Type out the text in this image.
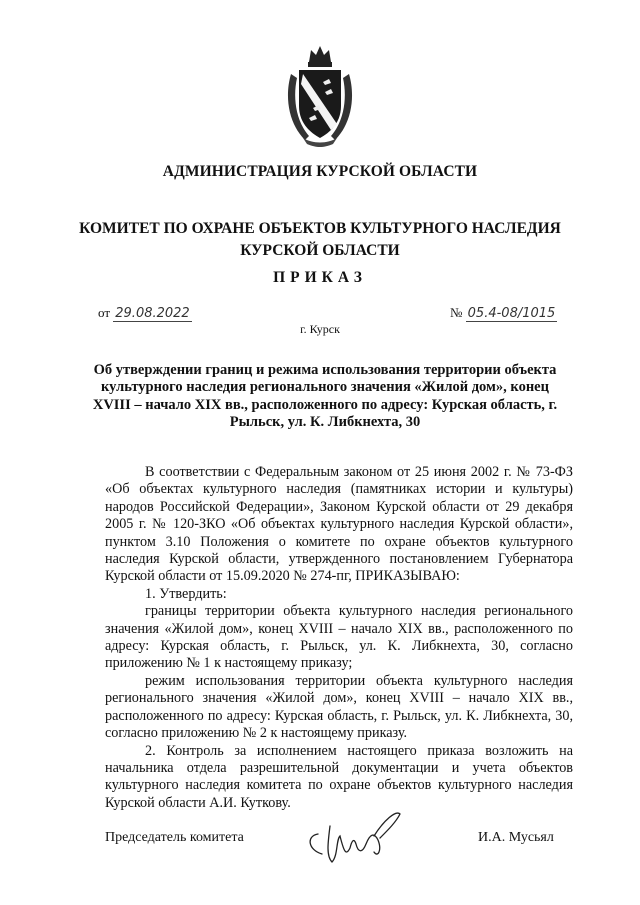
АДМИНИСТРАЦИЯ КУРСКОЙ ОБЛАСТИ
КОМИТЕТ ПО ОХРАНЕ ОБЪЕКТОВ КУЛЬТУРНОГО НАСЛЕДИЯ
КУРСКОЙ ОБЛАСТИ
ПРИКАЗ
от 29.08.2022	№ 05.4-08/1015
г. Курск
Об утверждении границ и режима использования территории объекта культурного наследия регионального значения «Жилой дом», конец XVIII – начало XIX вв., расположенного по адресу: Курская область, г. Рыльск, ул. К. Либкнехта, 30

В соответствии с Федеральным законом от 25 июня 2002 г. № 73-ФЗ «Об объектах культурного наследия (памятниках истории и культуры) народов Российской Федерации», Законом Курской области от 29 декабря 2005 г. № 120-ЗКО «Об объектах культурного наследия Курской области», пунктом 3.10 Положения о комитете по охране объектов культурного наследия Курской области, утвержденного постановлением Губернатора Курской области от 15.09.2020 № 274-пг, ПРИКАЗЫВАЮ:

1. Утвердить:

границы территории объекта культурного наследия регионального значения «Жилой дом», конец XVIII – начало XIX вв., расположенного по адресу: Курская область, г. Рыльск, ул. К. Либкнехта, 30, согласно приложению № 1 к настоящему приказу;

режим использования территории объекта культурного наследия регионального значения «Жилой дом», конец XVIII – начало XIX вв., расположенного по адресу: Курская область, г. Рыльск, ул. К. Либкнехта, 30, согласно приложению № 2 к настоящему приказу.

2. Контроль за исполнением настоящего приказа возложить на начальника отдела разрешительной документации и учета объектов культурного наследия комитета по охране объектов культурного наследия Курской области А.И. Куткову.

Председатель комитета	И.А. Мусьял
